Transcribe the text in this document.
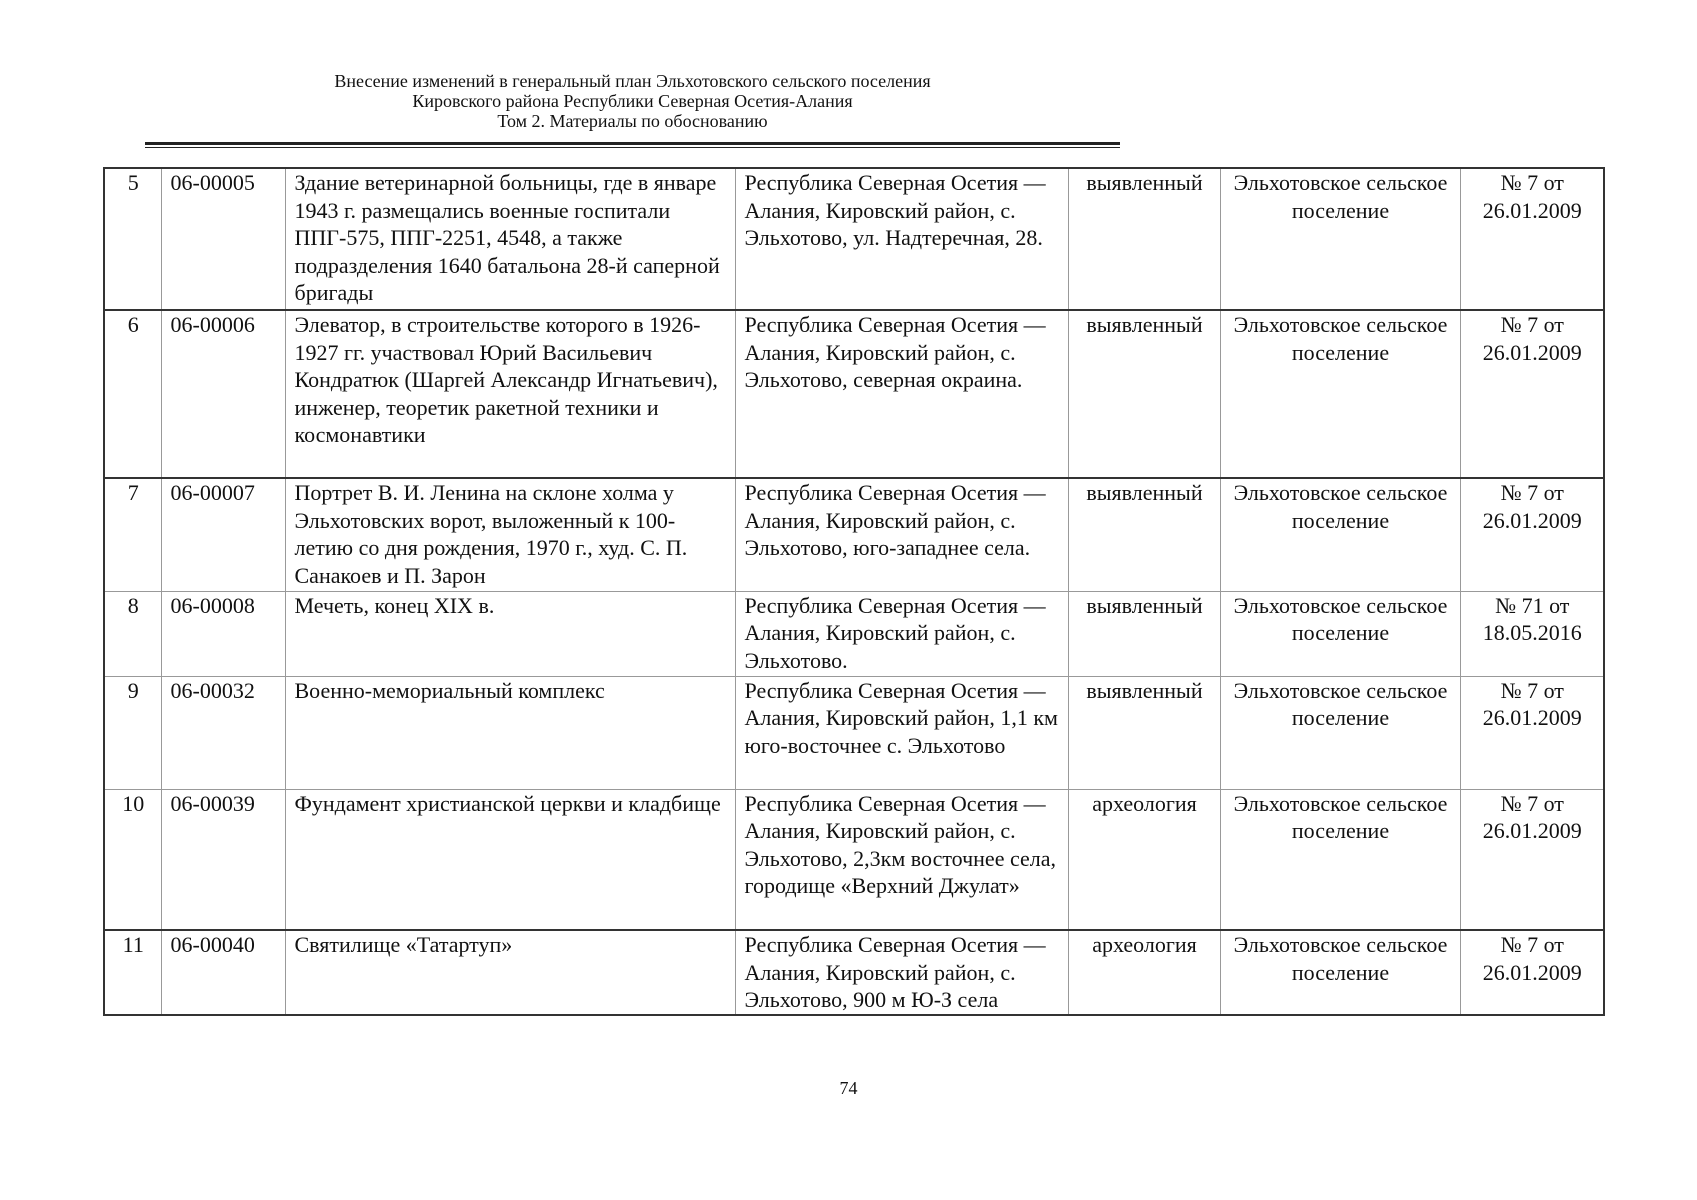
Внесение изменений в генеральный план Эльхотовского сельского поселения
Кировского района Республики Северная Осетия-Алания
Том 2. Материалы по обоснованию
5	06-00005	Здание ветеринарной больницы, где в январе 1943 г. размещались военные госпитали ППГ-575, ППГ-2251, 4548, а также подразделения 1640 батальона 28-й саперной бригады	Республика Северная Осетия — Алания, Кировский район, с. Эльхотово, ул. Надтеречная, 28.	выявленный	Эльхотовское сельское поселение	№ 7 от 26.01.2009
6	06-00006	Элеватор, в строительстве которого в 1926-1927 гг. участвовал Юрий Васильевич Кондратюк (Шаргей Александр Игнатьевич), инженер, теоретик ракетной техники и космонавтики	Республика Северная Осетия — Алания, Кировский район, с. Эльхотово, северная окраина.	выявленный	Эльхотовское сельское поселение	№ 7 от 26.01.2009
7	06-00007	Портрет В. И. Ленина на склоне холма у Эльхотовских ворот, выложенный к 100-летию со дня рождения, 1970 г., худ. С. П. Санакоев и П. Зарон	Республика Северная Осетия — Алания, Кировский район, с. Эльхотово, юго-западнее села.	выявленный	Эльхотовское сельское поселение	№ 7 от 26.01.2009
8	06-00008	Мечеть, конец XIX в.	Республика Северная Осетия — Алания, Кировский район, с. Эльхотово.	выявленный	Эльхотовское сельское поселение	№ 71 от 18.05.2016
9	06-00032	Военно-мемориальный комплекс	Республика Северная Осетия — Алания, Кировский район, 1,1 км юго-восточнее с. Эльхотово	выявленный	Эльхотовское сельское поселение	№ 7 от 26.01.2009
10	06-00039	Фундамент христианской церкви и кладбище	Республика Северная Осетия — Алания, Кировский район, с. Эльхотово, 2,3км восточнее села, городище «Верхний Джулат»	археология	Эльхотовское сельское поселение	№ 7 от 26.01.2009
11	06-00040	Святилище «Татартуп»	Республика Северная Осетия — Алания, Кировский район, с. Эльхотово, 900 м Ю-З села	археология	Эльхотовское сельское поселение	№ 7 от 26.01.2009
74
